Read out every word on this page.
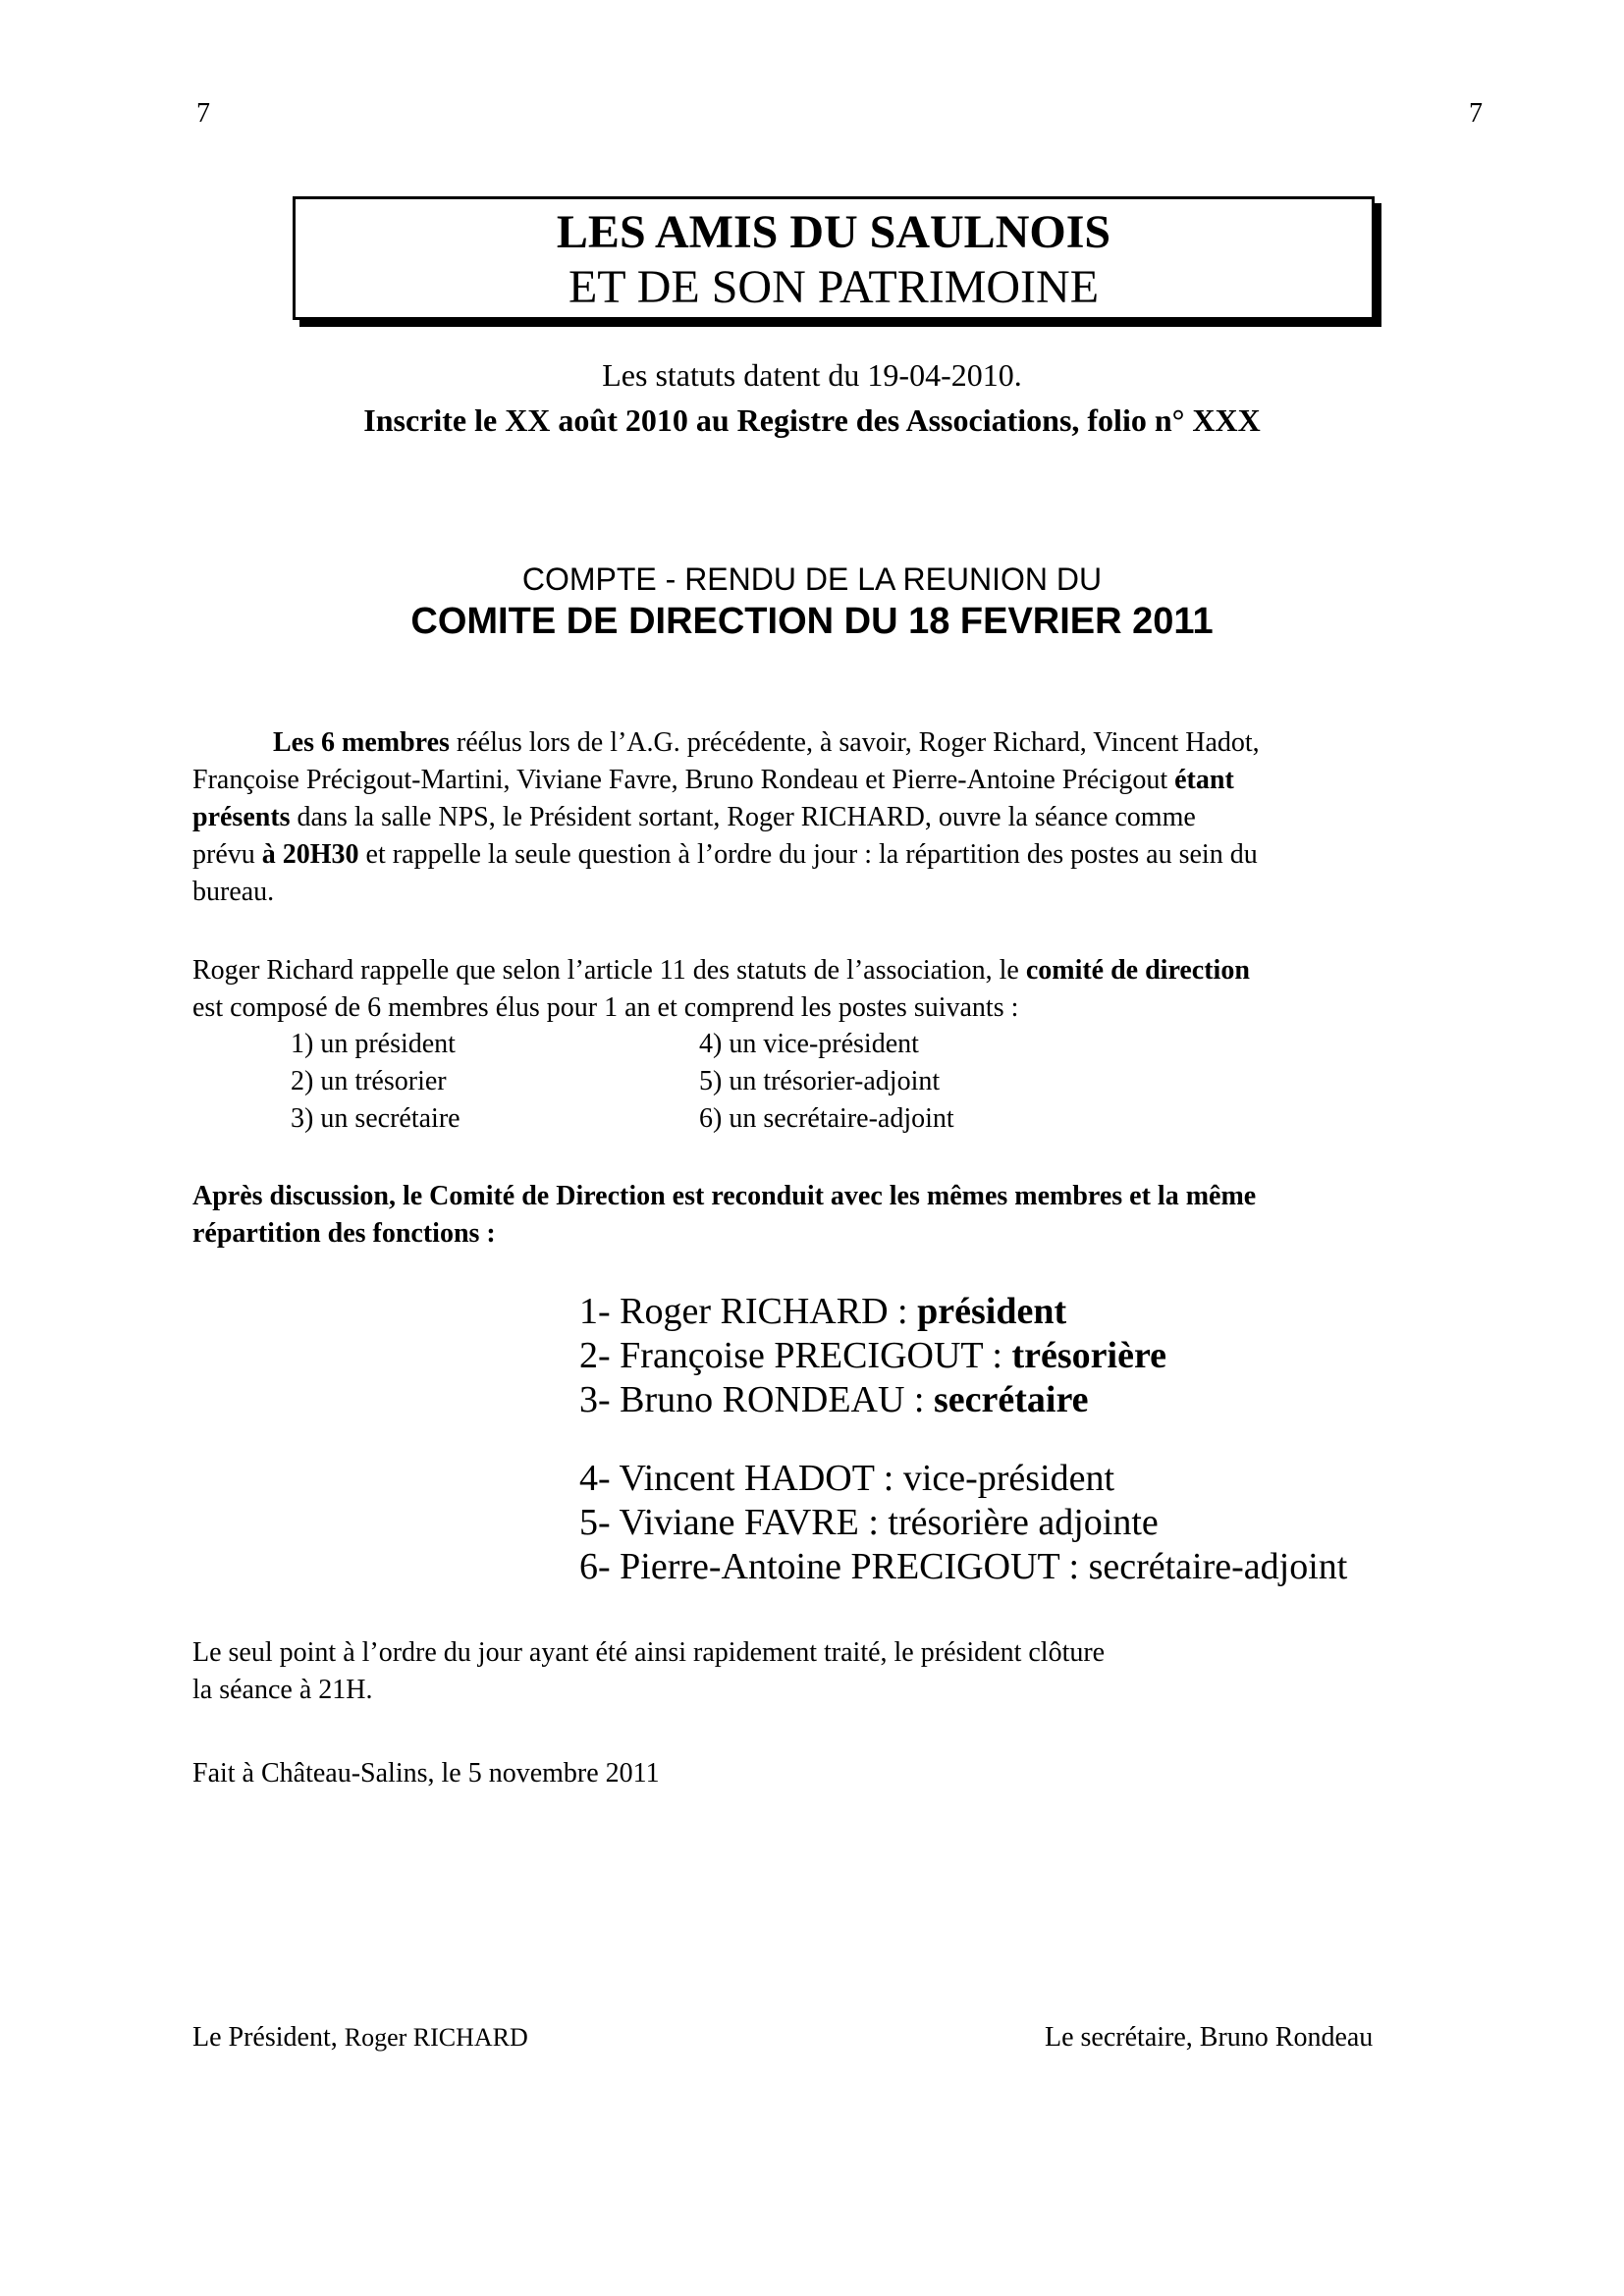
7	7
LES AMIS DU SAULNOIS
ET DE SON PATRIMOINE
Les statuts datent du 19-04-2010.
Inscrite le XX août 2010 au Registre des Associations, folio n° XXX
COMPTE - RENDU DE LA REUNION DU
COMITE DE DIRECTION DU 18 FEVRIER 2011
Les 6 membres réélus lors de l’A.G. précédente, à savoir, Roger Richard, Vincent Hadot,
Françoise Précigout-Martini, Viviane Favre, Bruno Rondeau et Pierre-Antoine Précigout étant
présents dans la salle NPS, le Président sortant, Roger RICHARD, ouvre la séance comme
prévu à 20H30 et rappelle la seule question à l’ordre du jour : la répartition des postes au sein du
bureau.
Roger Richard rappelle que selon l’article 11 des statuts de l’association, le comité de direction
est composé de 6 membres élus pour 1 an et comprend les postes suivants :
1) un président
2) un trésorier
3) un secrétaire
4) un vice-président
5) un trésorier-adjoint
6) un secrétaire-adjoint
Après discussion, le Comité de Direction est reconduit avec les mêmes membres et la même
répartition des fonctions :
1- Roger RICHARD : président
2- Françoise PRECIGOUT : trésorière
3- Bruno RONDEAU : secrétaire
4- Vincent HADOT : vice-président
5- Viviane FAVRE : trésorière adjointe
6- Pierre-Antoine PRECIGOUT : secrétaire-adjoint
Le seul point à l’ordre du jour ayant été ainsi rapidement traité, le président clôture
la séance à 21H.
Fait à Château-Salins, le 5 novembre 2011
Le Président, Roger RICHARD	Le secrétaire, Bruno Rondeau
